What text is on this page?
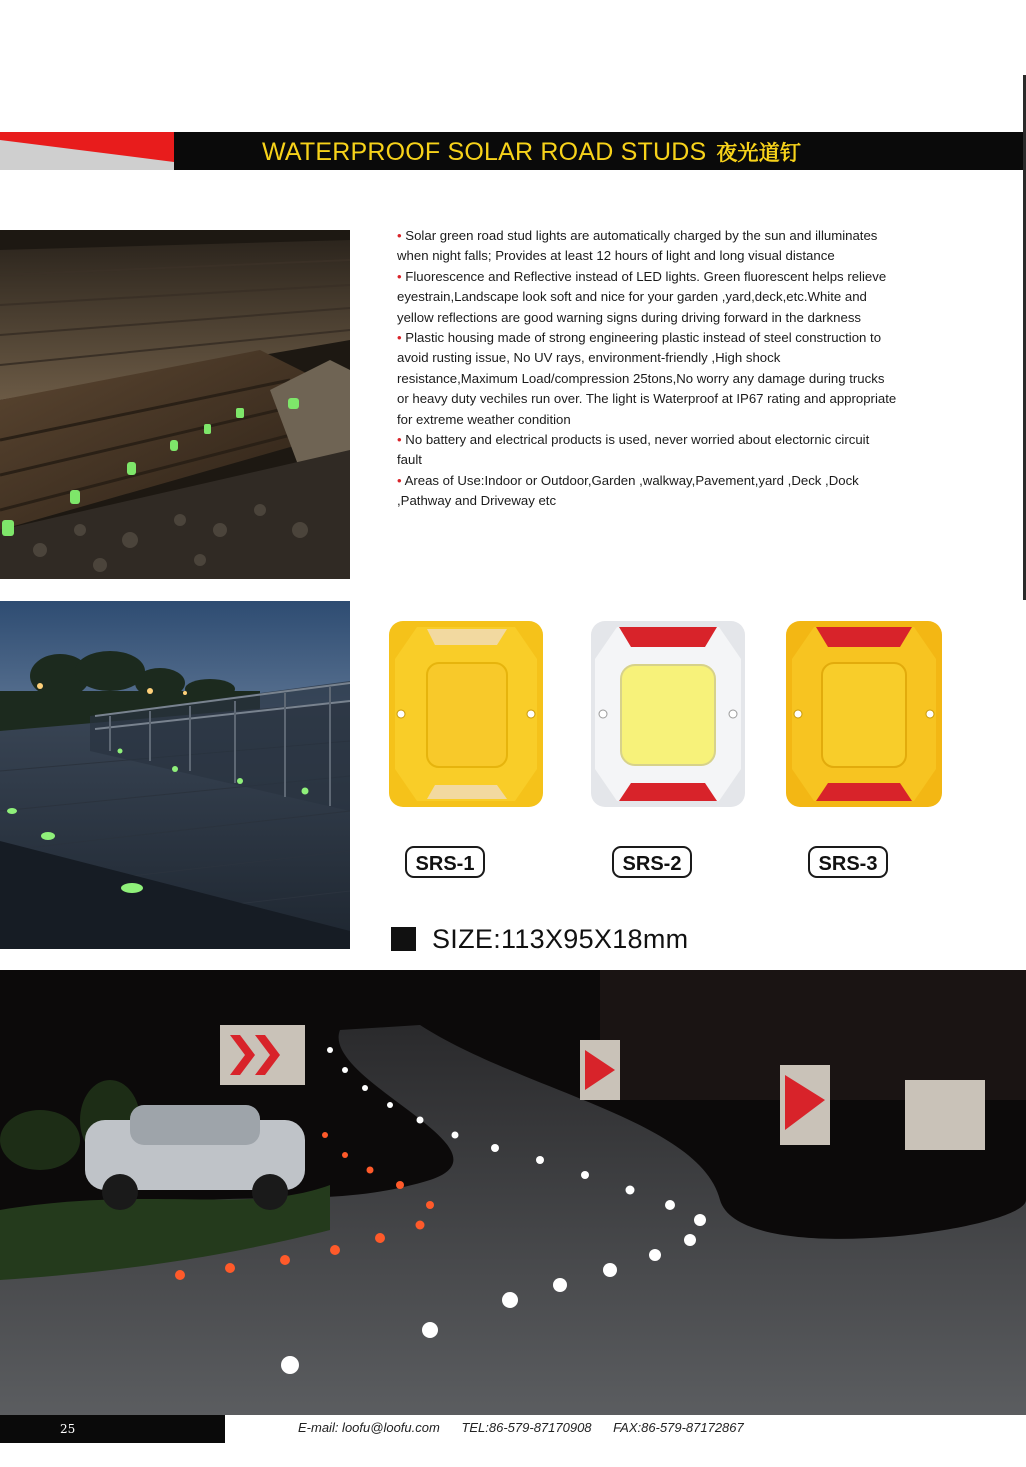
WATERPROOF SOLAR ROAD STUDS 夜光道钉

• Solar green road stud lights are automatically charged by the sun and illuminates when night falls; Provides at least 12 hours of light and long visual distance

• Fluorescence and Reflective instead of LED lights. Green fluorescent helps relieve eyestrain,Landscape look soft and nice for your garden ,yard,deck,etc.White and yellow reflections are good warning signs during driving forward in the darkness

• Plastic housing made of strong engineering plastic instead of steel construction to avoid rusting issue, No UV rays, environment-friendly ,High shock resistance,Maximum Load/compression 25tons,No worry any damage during trucks or heavy duty vechiles run over. The light is Waterproof at IP67 rating and appropriate for extreme weather condition

• No battery and electrical products is used, never worried about electornic circuit fault

• Areas of Use:Indoor or Outdoor,Garden ,walkway,Pavement,yard ,Deck ,Dock ,Pathway and Driveway etc

SRS-1	SRS-2	SRS-3
SIZE:113X95X18mm
25	E-mail: loofu@loofu.com TEL:86-579-87170908 FAX:86-579-87172867
